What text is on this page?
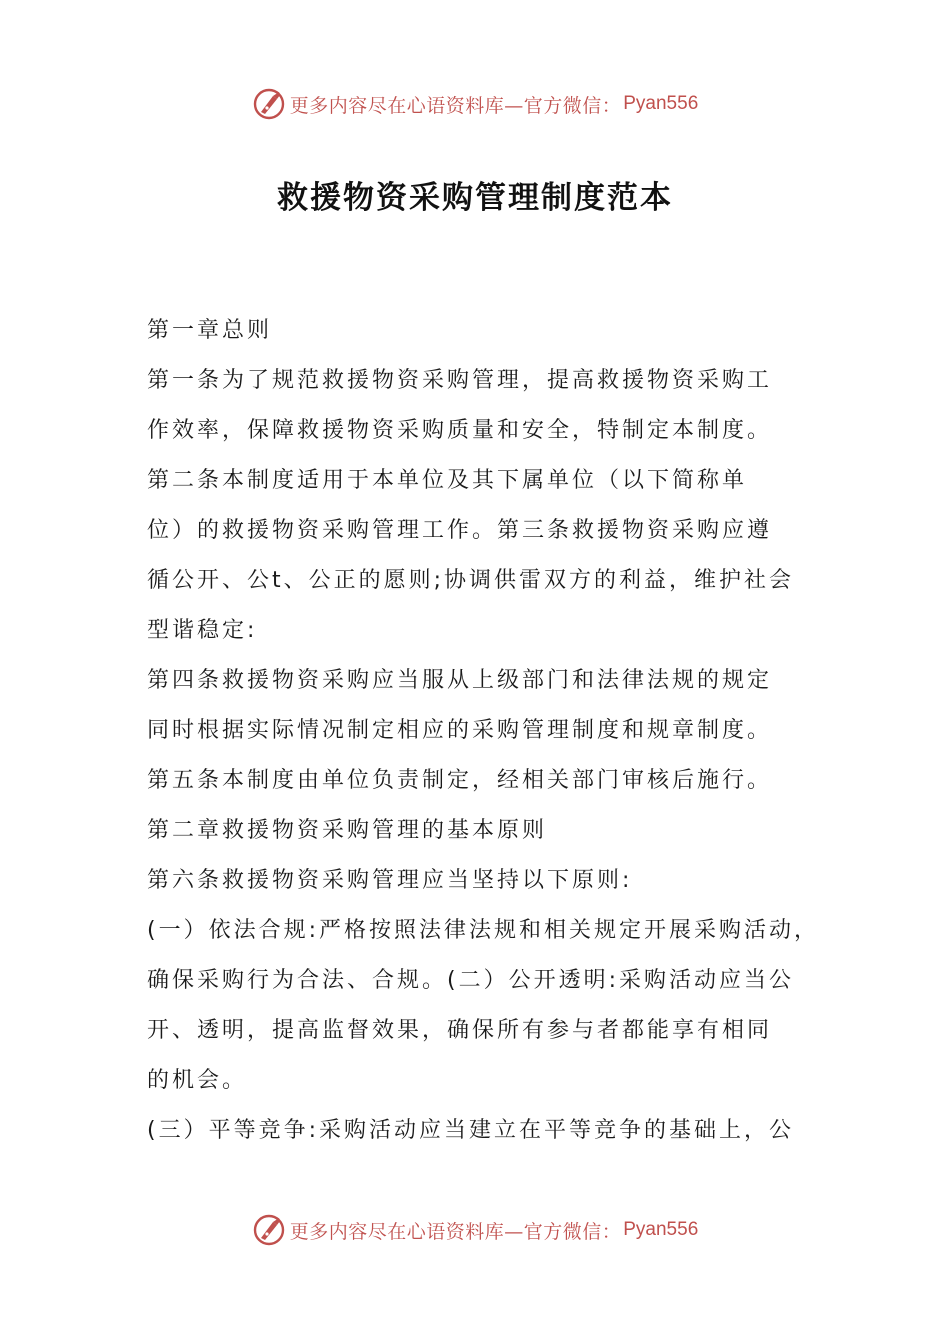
更多内容尽在心语资料库—官方微信： Pyan556
救援物资采购管理制度范本

第一章总则

第一条为了规范救援物资采购管理，提高救援物资采购工

作效率，保障救援物资采购质量和安全，特制定本制度。

第二条本制度适用于本单位及其下属单位（以下简称单

位）的救援物资采购管理工作。第三条救援物资采购应遵

循公开、公t、公正的愿则;协调供雷双方的利益，维护社会

型谐稳定:

第四条救援物资采购应当服从上级部门和法律法规的规定

同时根据实际情况制定相应的采购管理制度和规章制度。

第五条本制度由单位负责制定，经相关部门审核后施行。

第二章救援物资采购管理的基本原则

第六条救援物资采购管理应当坚持以下原则:

(一）依法合规:严格按照法律法规和相关规定开展采购活动，

确保采购行为合法、合规。(二）公开透明:采购活动应当公

开、透明，提高监督效果，确保所有参与者都能享有相同

的机会。

(三）平等竞争:采购活动应当建立在平等竞争的基础上，公

更多内容尽在心语资料库—官方微信： Pyan556
